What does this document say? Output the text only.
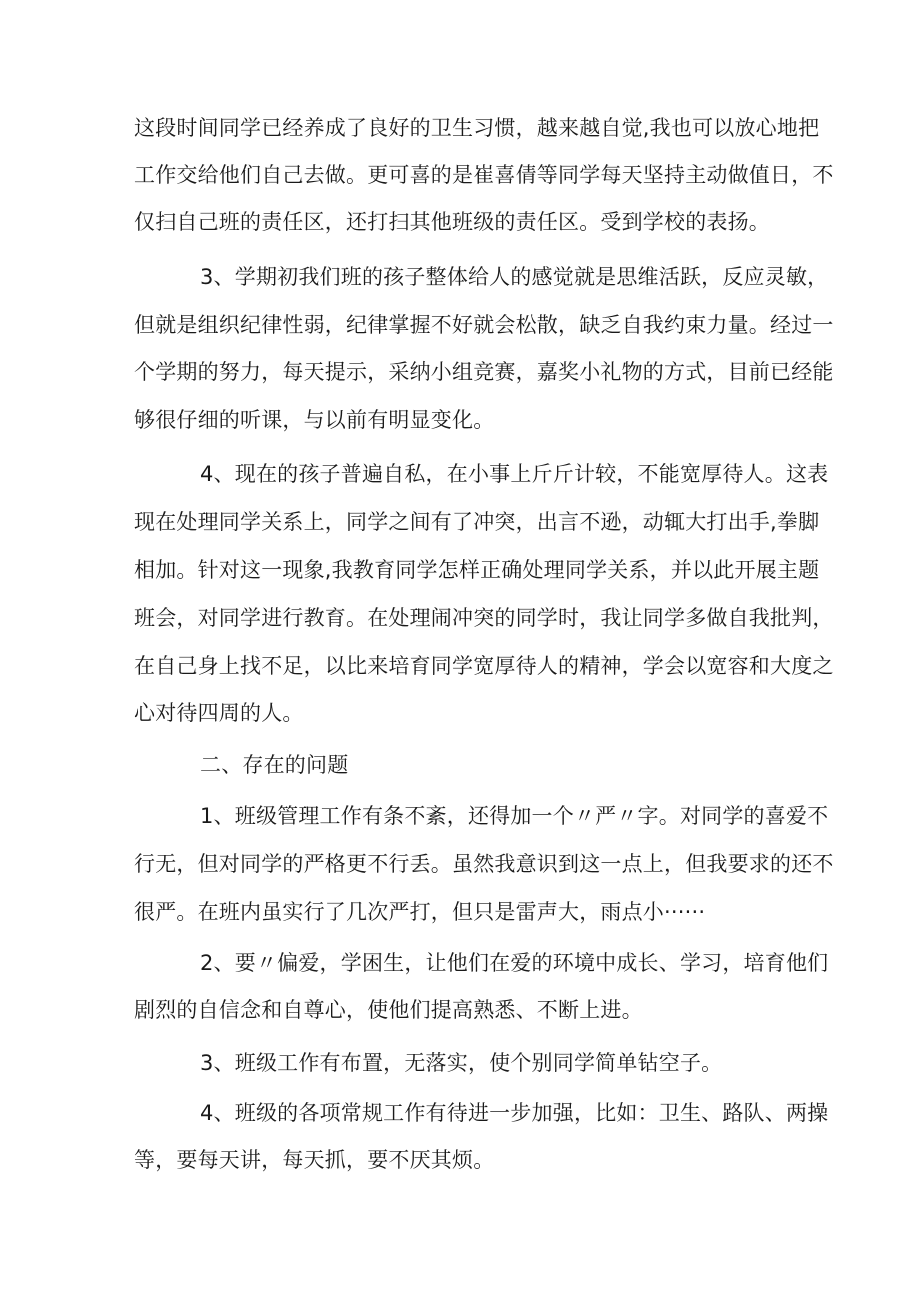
这段时间同学已经养成了良好的卫生习惯，越来越自觉,我也可以放心地把
工作交给他们自己去做。更可喜的是崔喜倩等同学每天坚持主动做值日，不
仅扫自己班的责任区，还打扫其他班级的责任区。受到学校的表扬。
3、学期初我们班的孩子整体给人的感觉就是思维活跃，反应灵敏，
但就是组织纪律性弱，纪律掌握不好就会松散，缺乏自我约束力量。经过一
个学期的努力，每天提示，采纳小组竞赛，嘉奖小礼物的方式，目前已经能
够很仔细的听课，与以前有明显变化。
4、现在的孩子普遍自私，在小事上斤斤计较，不能宽厚待人。这表
现在处理同学关系上，同学之间有了冲突，出言不逊，动辄大打出手,拳脚
相加。针对这一现象,我教育同学怎样正确处理同学关系，并以此开展主题
班会，对同学进行教育。在处理闹冲突的同学时，我让同学多做自我批判，
在自己身上找不足，以比来培育同学宽厚待人的精神，学会以宽容和大度之
心对待四周的人。
二、存在的问题
1、班级管理工作有条不紊，还得加一个〃严〃字。对同学的喜爱不
行无，但对同学的严格更不行丢。虽然我意识到这一点上，但我要求的还不
很严。在班内虽实行了几次严打，但只是雷声大，雨点小······
2、要〃偏爱，学困生，让他们在爱的环境中成长、学习，培育他们
剧烈的自信念和自尊心，使他们提高熟悉、不断上进。
3、班级工作有布置，无落实，使个别同学简单钻空子。
4、班级的各项常规工作有待进一步加强，比如：卫生、路队、两操
等，要每天讲，每天抓，要不厌其烦。
